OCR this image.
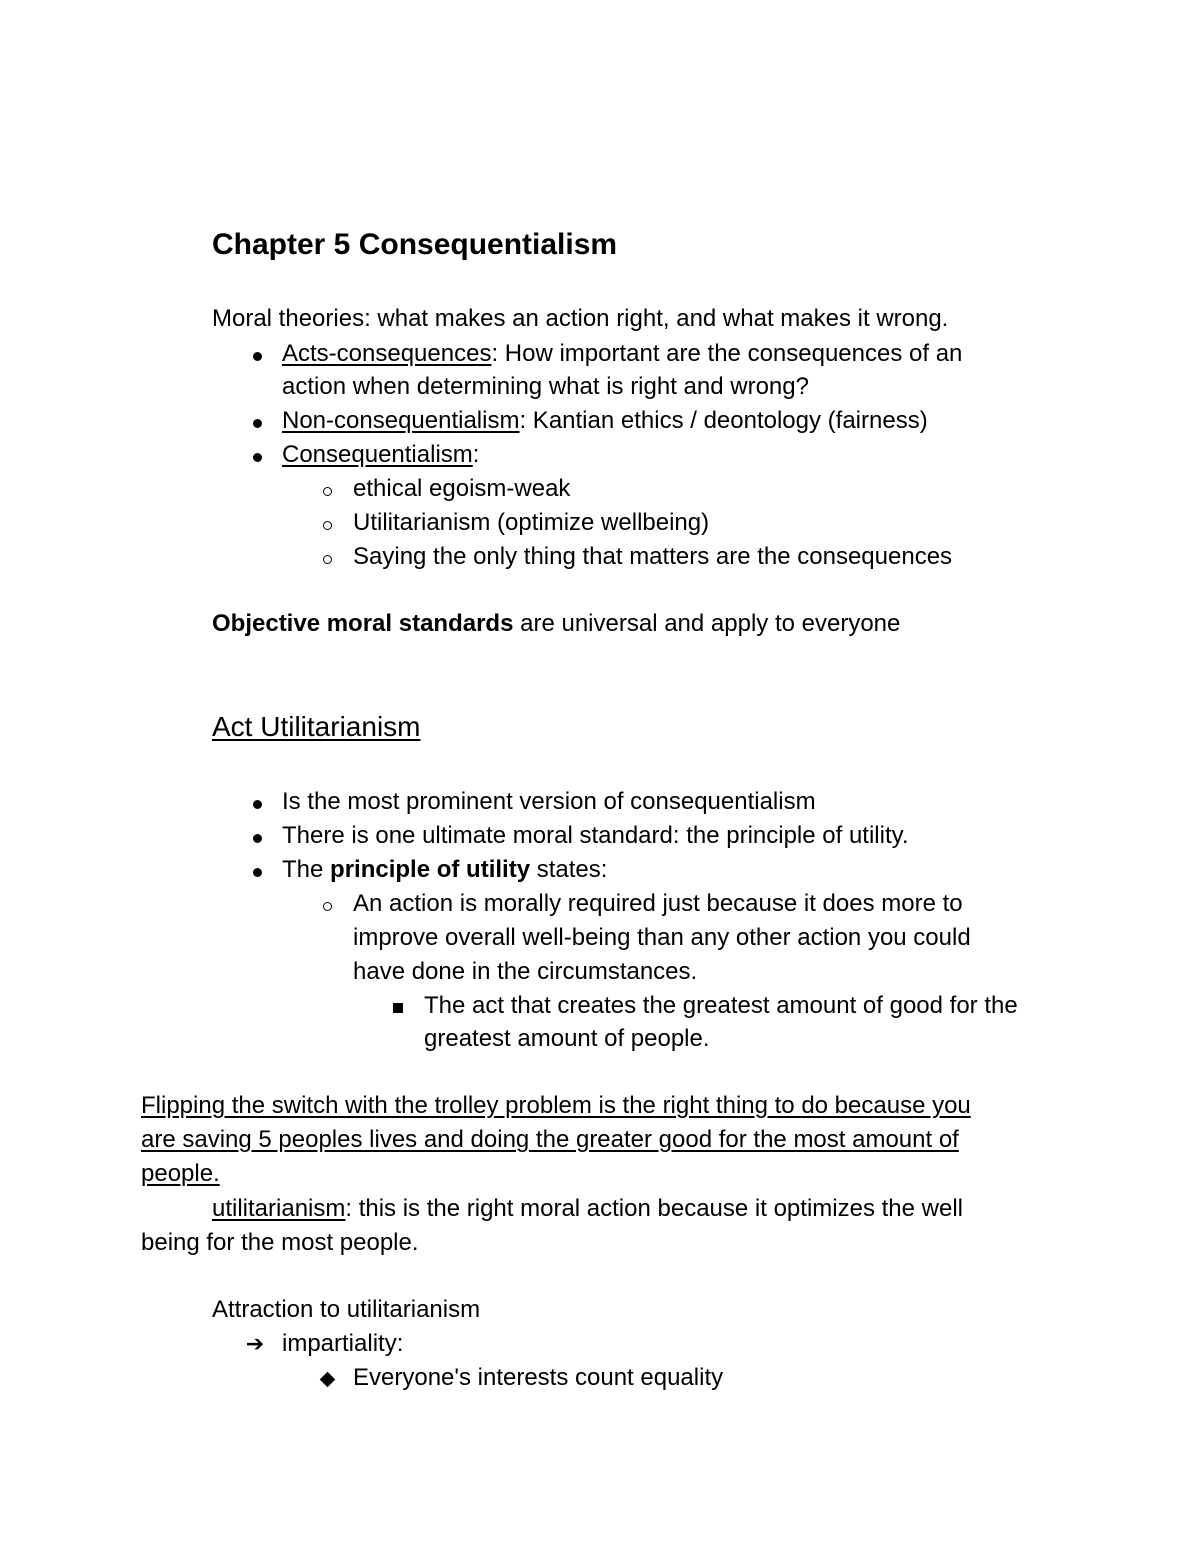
Chapter 5 Consequentialism
Moral theories: what makes an action right, and what makes it wrong.
Acts-consequences: How important are the consequences of an
action when determining what is right and wrong?
Non-consequentialism: Kantian ethics / deontology (fairness)
Consequentialism:
ethical egoism-weak
Utilitarianism (optimize wellbeing)
Saying the only thing that matters are the consequences
Objective moral standards are universal and apply to everyone
Act Utilitarianism
Is the most prominent version of consequentialism
There is one ultimate moral standard: the principle of utility.
The principle of utility states:
An action is morally required just because it does more to
improve overall well-being than any other action you could
have done in the circumstances.
The act that creates the greatest amount of good for the
greatest amount of people.
Flipping the switch with the trolley problem is the right thing to do because you
are saving 5 peoples lives and doing the greater good for the most amount of
people.
utilitarianism: this is the right moral action because it optimizes the well
being for the most people.
Attraction to utilitarianism
➔ impartiality:
Everyone's interests count equality
